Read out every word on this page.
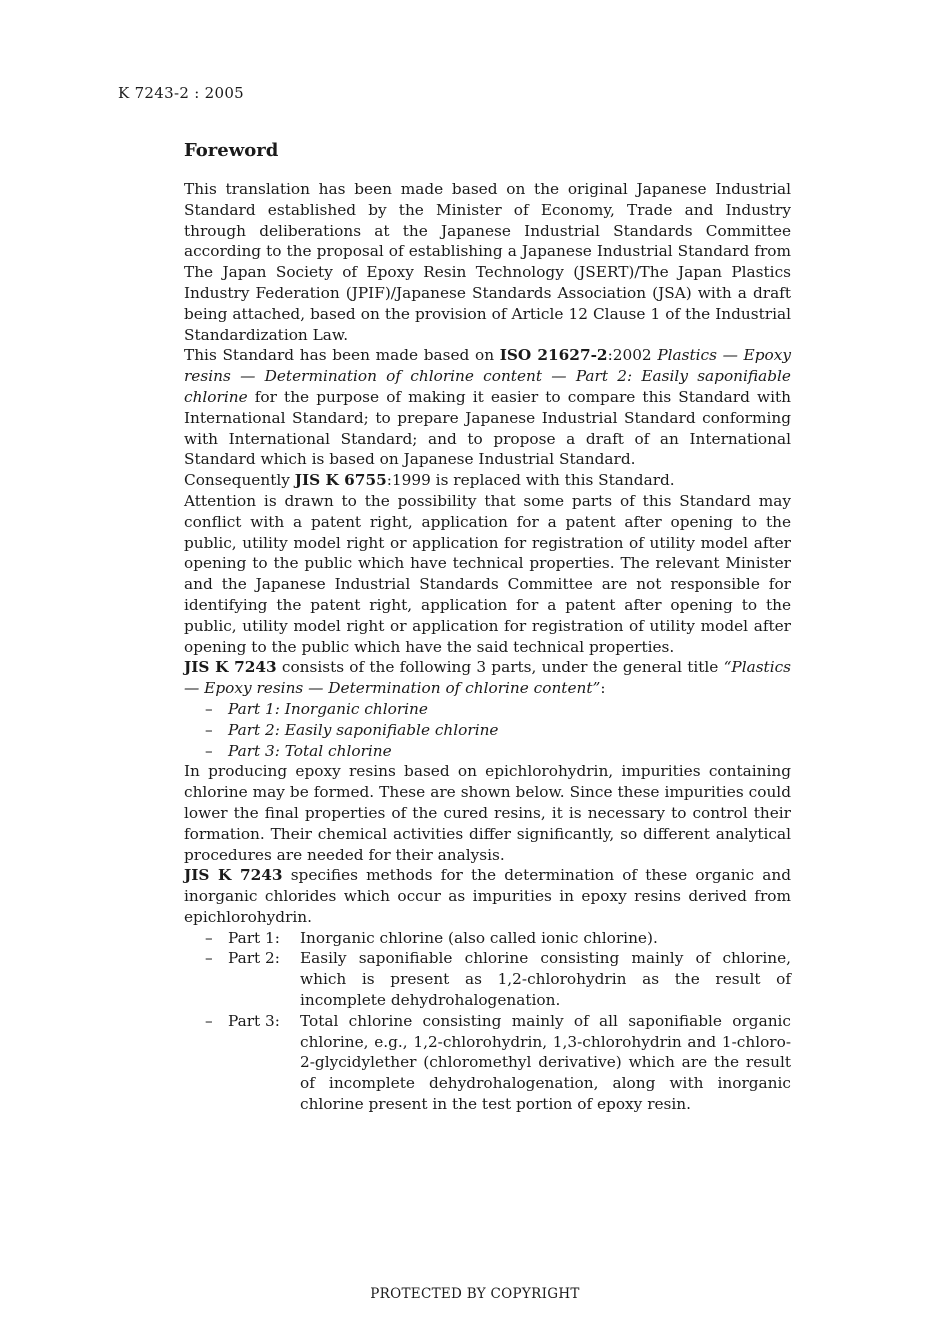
K 7243-2 : 2005
Foreword

This translation has been made based on the original Japanese Industrial Standard established by the Minister of Economy, Trade and Industry through deliberations at the Japanese Industrial Standards Committee according to the proposal of establishing a Japanese Industrial Standard from The Japan Society of Epoxy Resin Technology (JSERT)/The Japan Plastics Industry Federation (JPIF)/Japanese Standards Association (JSA) with a draft being attached, based on the provision of Article 12 Clause 1 of the Industrial Standardization Law.

This Standard has been made based on ISO 21627-2:2002 Plastics — Epoxy resins — Determination of chlorine content — Part 2: Easily saponifiable chlorine for the purpose of making it easier to compare this Standard with International Standard; to prepare Japanese Industrial Standard conforming with International Standard; and to propose a draft of an International Standard which is based on Japanese Industrial Standard.

Consequently JIS K 6755:1999 is replaced with this Standard.

Attention is drawn to the possibility that some parts of this Standard may conflict with a patent right, application for a patent after opening to the public, utility model right or application for registration of utility model after opening to the public which have technical properties. The relevant Minister and the Japanese Industrial Standards Committee are not responsible for identifying the patent right, application for a patent after opening to the public, utility model right or application for registration of utility model after opening to the public which have the said technical properties.

JIS K 7243 consists of the following 3 parts, under the general title “Plastics — Epoxy resins — Determination of chlorine content”:

– Part 1: Inorganic chlorine
– Part 2: Easily saponifiable chlorine
– Part 3: Total chlorine

In producing epoxy resins based on epichlorohydrin, impurities containing chlorine may be formed. These are shown below. Since these impurities could lower the final properties of the cured resins, it is necessary to control their formation. Their chemical activities differ significantly, so different analytical procedures are needed for their analysis.

JIS K 7243 specifies methods for the determination of these organic and inorganic chlorides which occur as impurities in epoxy resins derived from epichlorohydrin.

–	Part 1:	Inorganic chlorine (also called ionic chlorine).
–	Part 2:	Easily saponifiable chlorine consisting mainly of chlorine, which is present as 1,2-chlorohydrin as the result of incomplete dehydrohalogenation.
–	Part 3:	Total chlorine consisting mainly of all saponifiable organic chlorine, e.g., 1,2-chlorohydrin, 1,3-chlorohydrin and 1-chloro-2-glycidylether (chloromethyl derivative) which are the result of incomplete dehydrohalogenation, along with inorganic chlorine present in the test portion of epoxy resin.
PROTECTED BY COPYRIGHT
